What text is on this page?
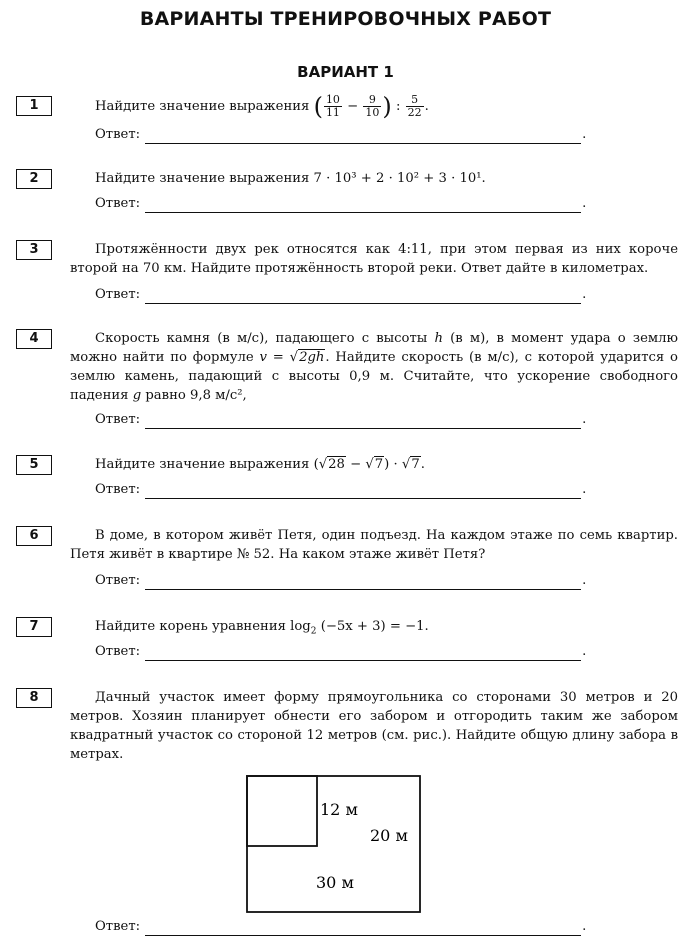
ВАРИАНТЫ ТРЕНИРОВОЧНЫХ РАБОТ
ВАРИАНТ 1
1	Найдите значение выражения ( $\frac{10}{11} - \frac{9}{10}$ ) : $\frac{5}{22}$ .
Ответ:	.
2	Найдите значение выражения 7 · 10³ + 2 · 10² + 3 · 10¹.
Ответ:	.
3	Протяжённости двух рек относятся как 4:11, при этом первая из них короче второй на 70 км. Найдите протяжённость второй реки. Ответ дайте в километрах.
Ответ:	.
4	Скорость камня (в м/с), падающего с высоты h (в м), в момент удара о землю можно найти по формуле v = √2gh. Найдите скорость (в м/с), с которой ударится о землю камень, падающий с высоты 0,9 м. Считайте, что ускорение свободного падения g равно 9,8 м/с²,
Ответ:	.
5	Найдите значение выражения (√28 − √7) · √7.
Ответ:	.
6	В доме, в котором живёт Петя, один подъезд. На каждом этаже по семь квартир. Петя живёт в квартире № 52. На каком этаже живёт Петя?
Ответ:	.
7	Найдите корень уравнения $\log_2 (-5x + 3) = -1$.
Ответ:	.
8	Дачный участок имеет форму прямоугольника со сторонами 30 метров и 20 метров. Хозяин планирует обнести его забором и отгородить таким же забором квадратный участок со стороной 12 метров (см. рис.). Найдите общую длину забора в метрах.
12 м
20 м
30 м
Ответ:	.
